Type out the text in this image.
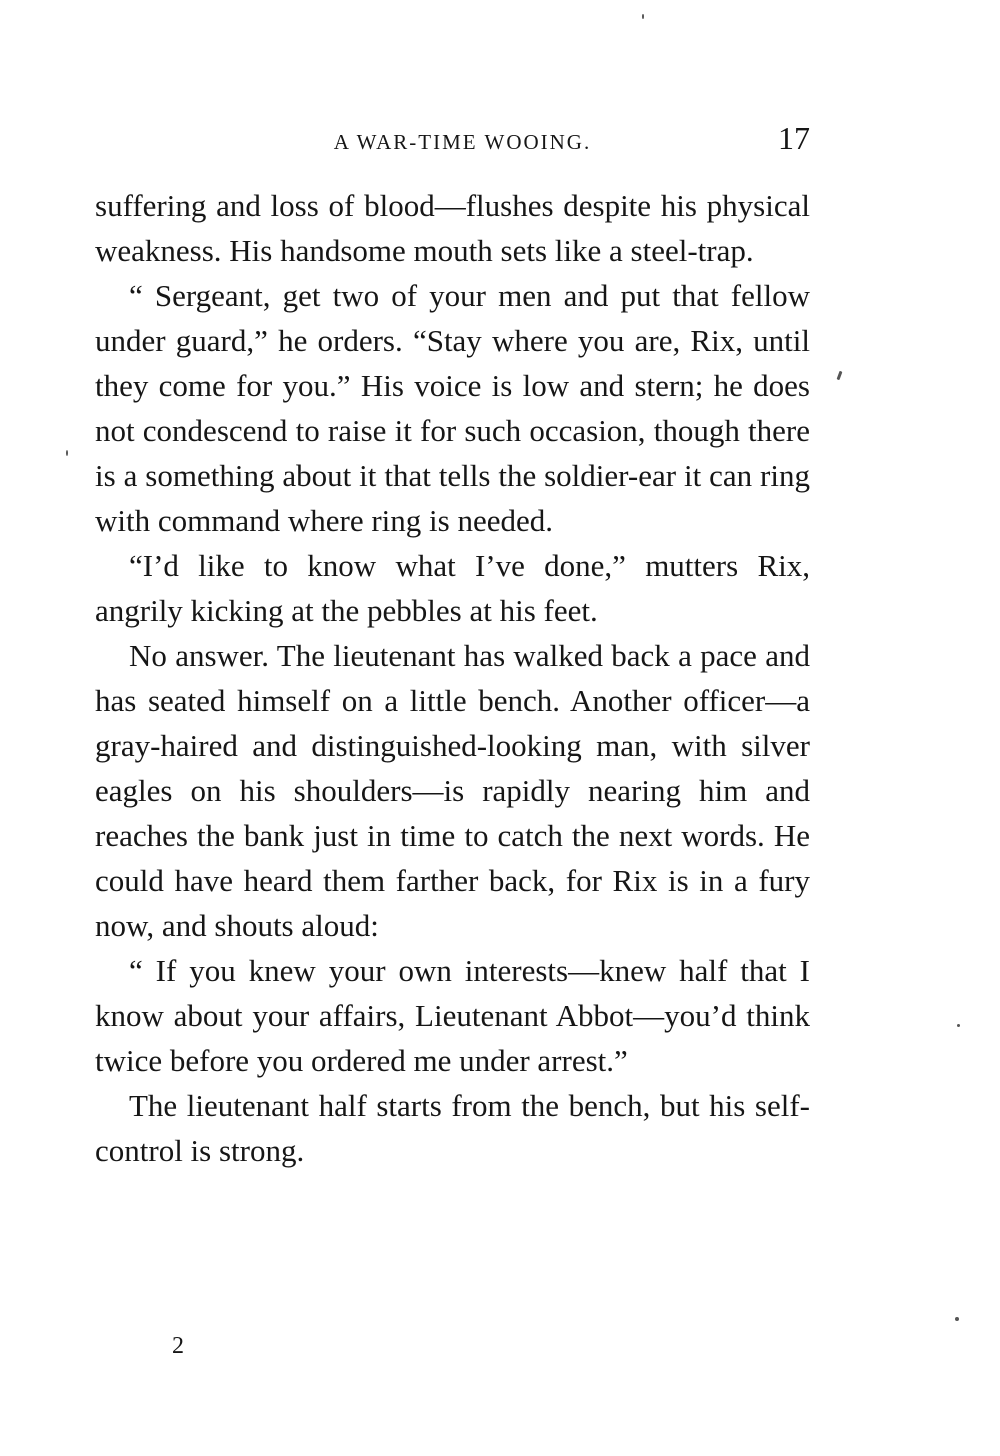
A WAR-TIME WOOING.	17

suffering and loss of blood—flushes despite his physical weakness. His handsome mouth sets like a steel-trap.

“ Sergeant, get two of your men and put that fellow under guard,” he orders. “Stay where you are, Rix, until they come for you.” His voice is low and stern; he does not condescend to raise it for such occasion, though there is a something about it that tells the soldier-ear it can ring with command where ring is needed.

“I’d like to know what I’ve done,” mutters Rix, angrily kicking at the pebbles at his feet.

No answer. The lieutenant has walked back a pace and has seated himself on a little bench. Another officer—a gray-haired and distinguished-looking man, with silver eagles on his shoulders—is rapidly nearing him and reaches the bank just in time to catch the next words. He could have heard them farther back, for Rix is in a fury now, and shouts aloud:

“ If you knew your own interests—knew half that I know about your affairs, Lieutenant Abbot—you’d think twice before you ordered me under arrest.”

The lieutenant half starts from the bench, but his self-control is strong.

2
